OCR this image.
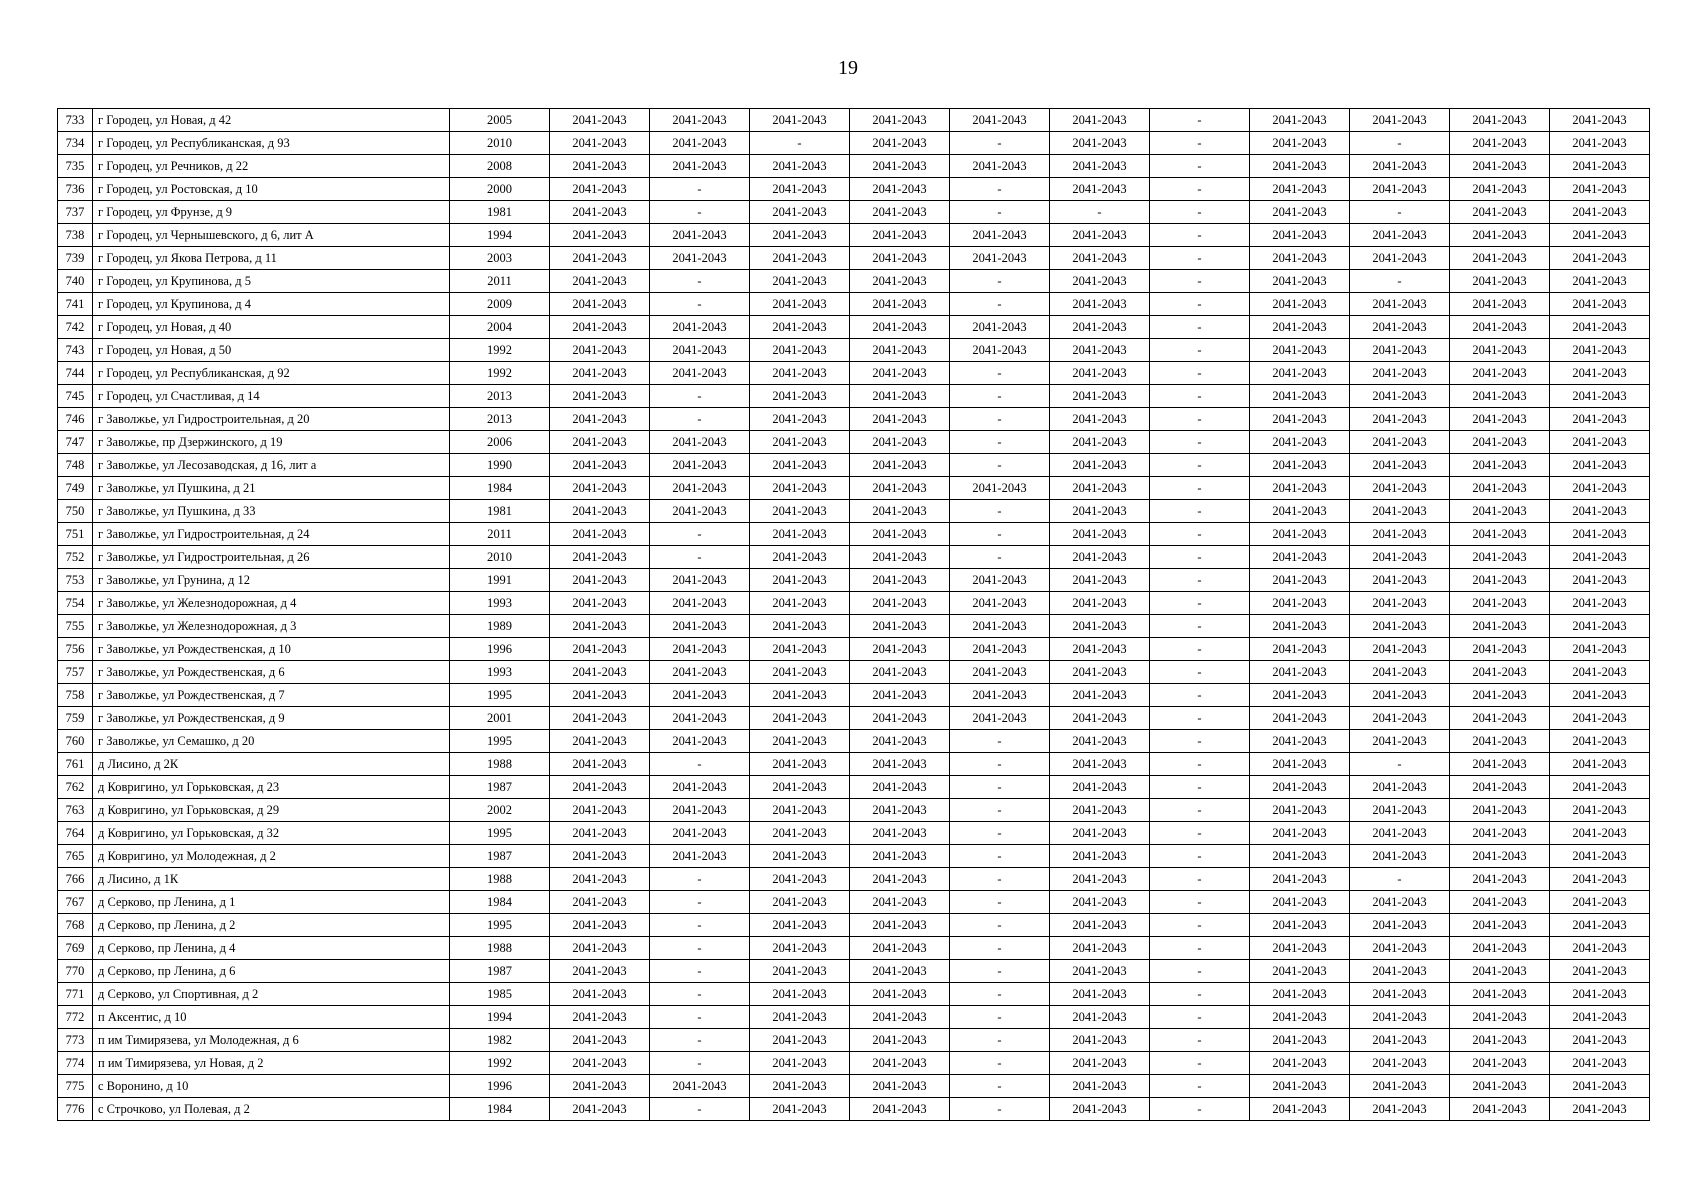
19
733	г Городец, ул Новая, д 42	2005	2041-2043	2041-2043	2041-2043	2041-2043	2041-2043	2041-2043	-	2041-2043	2041-2043	2041-2043	2041-2043
734	г Городец, ул Республиканская, д 93	2010	2041-2043	2041-2043	-	2041-2043	-	2041-2043	-	2041-2043	-	2041-2043	2041-2043
735	г Городец, ул Речников, д 22	2008	2041-2043	2041-2043	2041-2043	2041-2043	2041-2043	2041-2043	-	2041-2043	2041-2043	2041-2043	2041-2043
736	г Городец, ул Ростовская, д 10	2000	2041-2043	-	2041-2043	2041-2043	-	2041-2043	-	2041-2043	2041-2043	2041-2043	2041-2043
737	г Городец, ул Фрунзе, д 9	1981	2041-2043	-	2041-2043	2041-2043	-	-	-	2041-2043	-	2041-2043	2041-2043
738	г Городец, ул Чернышевского, д 6, лит А	1994	2041-2043	2041-2043	2041-2043	2041-2043	2041-2043	2041-2043	-	2041-2043	2041-2043	2041-2043	2041-2043
739	г Городец, ул Якова Петрова, д 11	2003	2041-2043	2041-2043	2041-2043	2041-2043	2041-2043	2041-2043	-	2041-2043	2041-2043	2041-2043	2041-2043
740	г Городец, ул Крупинова, д 5	2011	2041-2043	-	2041-2043	2041-2043	-	2041-2043	-	2041-2043	-	2041-2043	2041-2043
741	г Городец, ул Крупинова, д 4	2009	2041-2043	-	2041-2043	2041-2043	-	2041-2043	-	2041-2043	2041-2043	2041-2043	2041-2043
742	г Городец, ул Новая, д 40	2004	2041-2043	2041-2043	2041-2043	2041-2043	2041-2043	2041-2043	-	2041-2043	2041-2043	2041-2043	2041-2043
743	г Городец, ул Новая, д 50	1992	2041-2043	2041-2043	2041-2043	2041-2043	2041-2043	2041-2043	-	2041-2043	2041-2043	2041-2043	2041-2043
744	г Городец, ул Республиканская, д 92	1992	2041-2043	2041-2043	2041-2043	2041-2043	-	2041-2043	-	2041-2043	2041-2043	2041-2043	2041-2043
745	г Городец, ул Счастливая, д 14	2013	2041-2043	-	2041-2043	2041-2043	-	2041-2043	-	2041-2043	2041-2043	2041-2043	2041-2043
746	г Заволжье, ул Гидростроительная, д 20	2013	2041-2043	-	2041-2043	2041-2043	-	2041-2043	-	2041-2043	2041-2043	2041-2043	2041-2043
747	г Заволжье, пр Дзержинского, д 19	2006	2041-2043	2041-2043	2041-2043	2041-2043	-	2041-2043	-	2041-2043	2041-2043	2041-2043	2041-2043
748	г Заволжье, ул Лесозаводская, д 16, лит а	1990	2041-2043	2041-2043	2041-2043	2041-2043	-	2041-2043	-	2041-2043	2041-2043	2041-2043	2041-2043
749	г Заволжье, ул Пушкина, д 21	1984	2041-2043	2041-2043	2041-2043	2041-2043	2041-2043	2041-2043	-	2041-2043	2041-2043	2041-2043	2041-2043
750	г Заволжье, ул Пушкина, д 33	1981	2041-2043	2041-2043	2041-2043	2041-2043	-	2041-2043	-	2041-2043	2041-2043	2041-2043	2041-2043
751	г Заволжье, ул Гидростроительная, д 24	2011	2041-2043	-	2041-2043	2041-2043	-	2041-2043	-	2041-2043	2041-2043	2041-2043	2041-2043
752	г Заволжье, ул Гидростроительная, д 26	2010	2041-2043	-	2041-2043	2041-2043	-	2041-2043	-	2041-2043	2041-2043	2041-2043	2041-2043
753	г Заволжье, ул Грунина, д 12	1991	2041-2043	2041-2043	2041-2043	2041-2043	2041-2043	2041-2043	-	2041-2043	2041-2043	2041-2043	2041-2043
754	г Заволжье, ул Железнодорожная, д 4	1993	2041-2043	2041-2043	2041-2043	2041-2043	2041-2043	2041-2043	-	2041-2043	2041-2043	2041-2043	2041-2043
755	г Заволжье, ул Железнодорожная, д 3	1989	2041-2043	2041-2043	2041-2043	2041-2043	2041-2043	2041-2043	-	2041-2043	2041-2043	2041-2043	2041-2043
756	г Заволжье, ул Рождественская, д 10	1996	2041-2043	2041-2043	2041-2043	2041-2043	2041-2043	2041-2043	-	2041-2043	2041-2043	2041-2043	2041-2043
757	г Заволжье, ул Рождественская, д 6	1993	2041-2043	2041-2043	2041-2043	2041-2043	2041-2043	2041-2043	-	2041-2043	2041-2043	2041-2043	2041-2043
758	г Заволжье, ул Рождественская, д 7	1995	2041-2043	2041-2043	2041-2043	2041-2043	2041-2043	2041-2043	-	2041-2043	2041-2043	2041-2043	2041-2043
759	г Заволжье, ул Рождественская, д 9	2001	2041-2043	2041-2043	2041-2043	2041-2043	2041-2043	2041-2043	-	2041-2043	2041-2043	2041-2043	2041-2043
760	г Заволжье, ул Семашко, д 20	1995	2041-2043	2041-2043	2041-2043	2041-2043	-	2041-2043	-	2041-2043	2041-2043	2041-2043	2041-2043
761	д Лисино, д 2К	1988	2041-2043	-	2041-2043	2041-2043	-	2041-2043	-	2041-2043	-	2041-2043	2041-2043
762	д Ковригино, ул Горьковская, д 23	1987	2041-2043	2041-2043	2041-2043	2041-2043	-	2041-2043	-	2041-2043	2041-2043	2041-2043	2041-2043
763	д Ковригино, ул Горьковская, д 29	2002	2041-2043	2041-2043	2041-2043	2041-2043	-	2041-2043	-	2041-2043	2041-2043	2041-2043	2041-2043
764	д Ковригино, ул Горьковская, д 32	1995	2041-2043	2041-2043	2041-2043	2041-2043	-	2041-2043	-	2041-2043	2041-2043	2041-2043	2041-2043
765	д Ковригино, ул Молодежная, д 2	1987	2041-2043	2041-2043	2041-2043	2041-2043	-	2041-2043	-	2041-2043	2041-2043	2041-2043	2041-2043
766	д Лисино, д 1К	1988	2041-2043	-	2041-2043	2041-2043	-	2041-2043	-	2041-2043	-	2041-2043	2041-2043
767	д Серково, пр Ленина, д 1	1984	2041-2043	-	2041-2043	2041-2043	-	2041-2043	-	2041-2043	2041-2043	2041-2043	2041-2043
768	д Серково, пр Ленина, д 2	1995	2041-2043	-	2041-2043	2041-2043	-	2041-2043	-	2041-2043	2041-2043	2041-2043	2041-2043
769	д Серково, пр Ленина, д 4	1988	2041-2043	-	2041-2043	2041-2043	-	2041-2043	-	2041-2043	2041-2043	2041-2043	2041-2043
770	д Серково, пр Ленина, д 6	1987	2041-2043	-	2041-2043	2041-2043	-	2041-2043	-	2041-2043	2041-2043	2041-2043	2041-2043
771	д Серково, ул Спортивная, д 2	1985	2041-2043	-	2041-2043	2041-2043	-	2041-2043	-	2041-2043	2041-2043	2041-2043	2041-2043
772	п Аксентис, д 10	1994	2041-2043	-	2041-2043	2041-2043	-	2041-2043	-	2041-2043	2041-2043	2041-2043	2041-2043
773	п им Тимирязева, ул Молодежная, д 6	1982	2041-2043	-	2041-2043	2041-2043	-	2041-2043	-	2041-2043	2041-2043	2041-2043	2041-2043
774	п им Тимирязева, ул Новая, д 2	1992	2041-2043	-	2041-2043	2041-2043	-	2041-2043	-	2041-2043	2041-2043	2041-2043	2041-2043
775	с Воронино, д 10	1996	2041-2043	2041-2043	2041-2043	2041-2043	-	2041-2043	-	2041-2043	2041-2043	2041-2043	2041-2043
776	с Строчково, ул Полевая, д 2	1984	2041-2043	-	2041-2043	2041-2043	-	2041-2043	-	2041-2043	2041-2043	2041-2043	2041-2043
